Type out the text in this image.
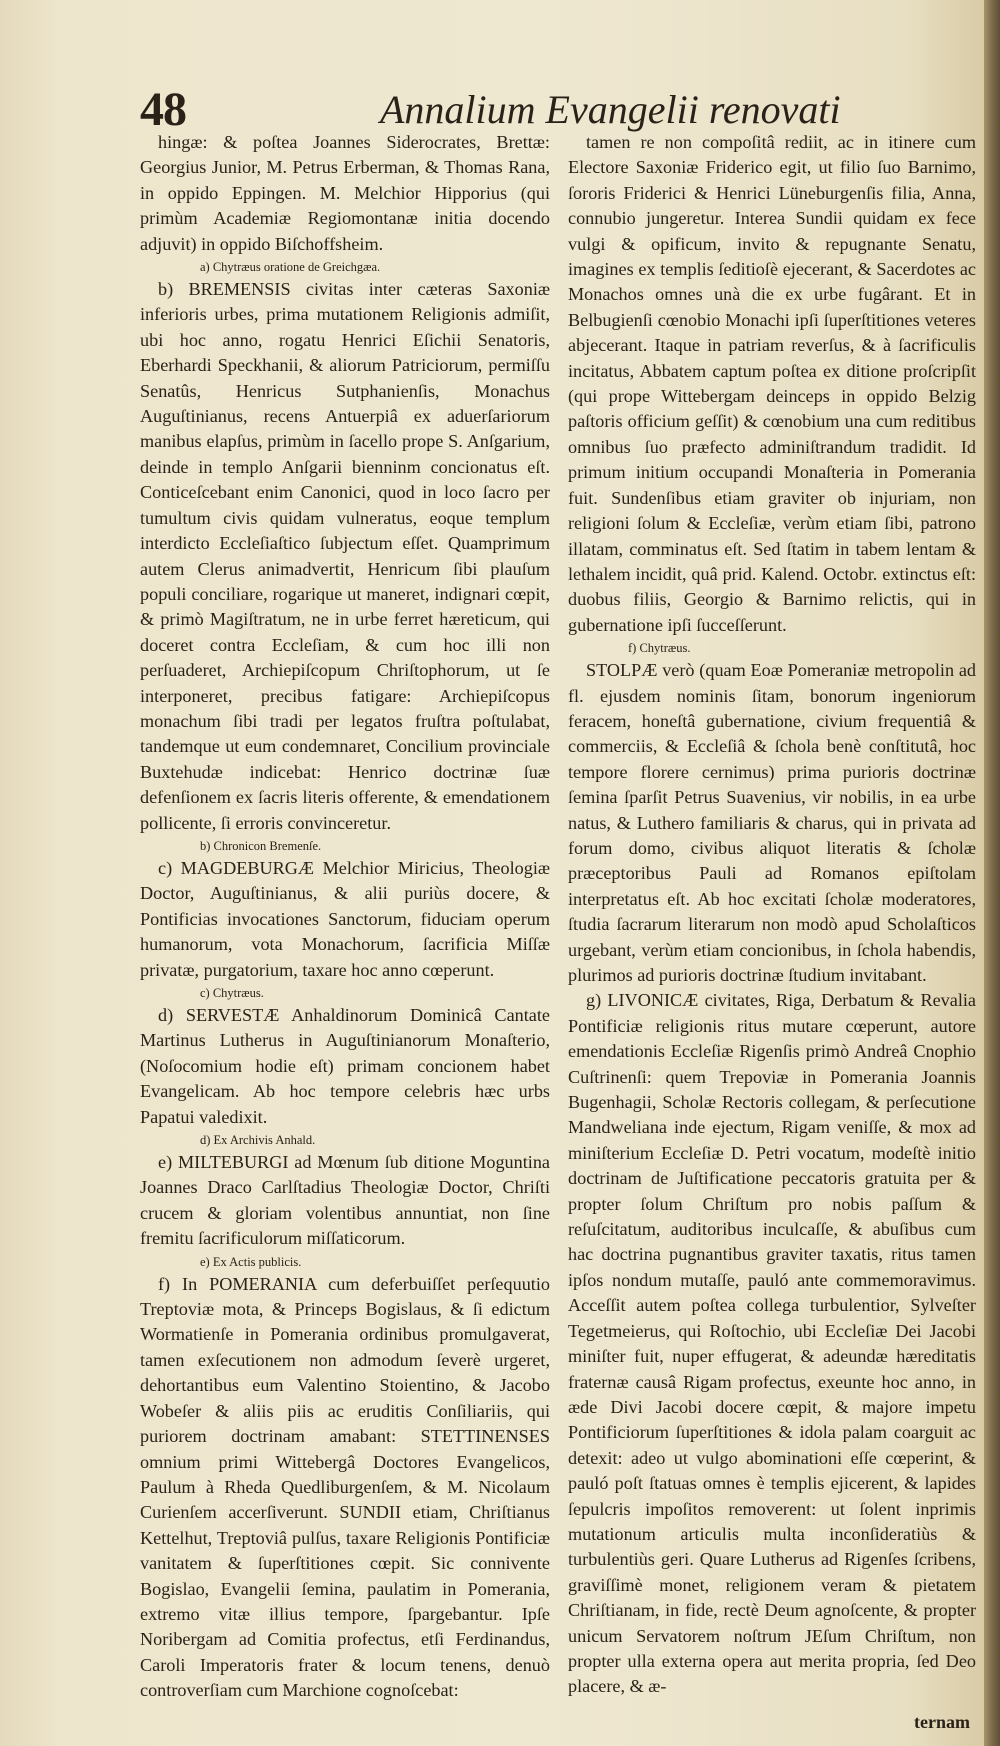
48	Annalium Evangelii renovati

hingæ: & poſtea Joannes Siderocrates, Brettæ: Georgius Junior, M. Petrus Erberman, & Thomas Rana, in oppido Eppingen. M. Melchior Hipporius (qui primùm Academiæ Regiomontanæ initia docendo adjuvit) in oppido Biſchoffsheim.

a) Chytræus oratione de Greichgæa.

b) BREMENSIS civitas inter cæteras Saxoniæ inferioris urbes, prima mutationem Religionis admiſit, ubi hoc anno, rogatu Henrici Eſichii Senatoris, Eberhardi Speckhanii, & aliorum Patriciorum, permiſſu Senatûs, Henricus Sutphanienſis, Monachus Auguſtinianus, recens Antuerpiâ ex aduerſariorum manibus elapſus, primùm in ſacello prope S. Anſgarium, deinde in templo Anſgarii bienninm concionatus eſt. Conticeſcebant enim Canonici, quod in loco ſacro per tumultum civis quidam vulneratus, eoque templum interdicto Eccleſiaſtico ſubjectum eſſet. Quamprimum autem Clerus animadvertit, Henricum ſibi plauſum populi conciliare, rogarique ut maneret, indignari cœpit, & primò Magiſtratum, ne in urbe ferret hæreticum, qui doceret contra Eccleſiam, & cum hoc illi non perſuaderet, Archiepiſcopum Chriſtophorum, ut ſe interponeret, precibus fatigare: Archiepiſcopus monachum ſibi tradi per legatos fruſtra poſtulabat, tandemque ut eum condemnaret, Concilium provinciale Buxtehudæ indicebat: Henrico doctrinæ ſuæ defenſionem ex ſacris literis offerente, & emendationem pollicente, ſi erroris convinceretur.

b) Chronicon Bremenſe.

c) MAGDEBURGÆ Melchior Miricius, Theologiæ Doctor, Auguſtinianus, & alii puriùs docere, & Pontificias invocationes Sanctorum, fiduciam operum humanorum, vota Monachorum, ſacrificia Miſſæ privatæ, purgatorium, taxare hoc anno cœperunt.

c) Chytræus.

d) SERVESTÆ Anhaldinorum Dominicâ Cantate Martinus Lutherus in Auguſtinianorum Monaſterio, (Noſocomium hodie eſt) primam concionem habet Evangelicam. Ab hoc tempore celebris hæc urbs Papatui valedixit.

d) Ex Archivis Anhald.

e) MILTEBURGI ad Mœnum ſub ditione Moguntina Joannes Draco Carlſtadius Theologiæ Doctor, Chriſti crucem & gloriam volentibus annuntiat, non ſine fremitu ſacrificulorum miſſaticorum.

e) Ex Actis publicis.

f) In POMERANIA cum deferbuiſſet perſequutio Treptoviæ mota, & Princeps Bogislaus, & ſi edictum Wormatienſe in Pomerania ordinibus promulgaverat, tamen exſecutionem non admodum ſeverè urgeret, dehortantibus eum Valentino Stoientino, & Jacobo Wobeſer & aliis piis ac eruditis Conſiliariis, qui puriorem doctrinam amabant: STETTINENSES omnium primi Wittebergâ Doctores Evangelicos, Paulum à Rheda Quedliburgenſem, & M. Nicolaum Curienſem accerſiverunt. SUNDII etiam, Chriſtianus Kettelhut, Treptoviâ pulſus, taxare Religionis Pontificiæ vanitatem & ſuperſtitiones cœpit. Sic connivente Bogislao, Evangelii ſemina, paulatim in Pomerania, extremo vitæ illius tempore, ſpargebantur. Ipſe Noribergam ad Comitia profectus, etſi Ferdinandus, Caroli Imperatoris frater & locum tenens, denuò controverſiam cum Marchione cognoſcebat:

tamen re non compoſitâ rediit, ac in itinere cum Electore Saxoniæ Friderico egit, ut filio ſuo Barnimo, ſororis Friderici & Henrici Lüneburgenſis filia, Anna, connubio jungeretur. Interea Sundii quidam ex fece vulgi & opificum, invito & repugnante Senatu, imagines ex templis ſeditioſè ejecerant, & Sacerdotes ac Monachos omnes unà die ex urbe fugârant. Et in Belbugienſi cœnobio Monachi ipſi ſuperſtitiones veteres abjecerant. Itaque in patriam reverſus, & à ſacrificulis incitatus, Abbatem captum poſtea ex ditione proſcripſit (qui prope Wittebergam deinceps in oppido Belzig paſtoris officium geſſit) & cœnobium una cum reditibus omnibus ſuo præfecto adminiſtrandum tradidit. Id primum initium occupandi Monaſteria in Pomerania fuit. Sundenſibus etiam graviter ob injuriam, non religioni ſolum & Eccleſiæ, verùm etiam ſibi, patrono illatam, comminatus eſt. Sed ſtatim in tabem lentam & lethalem incidit, quâ prid. Kalend. Octobr. extinctus eſt: duobus filiis, Georgio & Barnimo relictis, qui in gubernatione ipſi ſucceſſerunt.

f) Chytræus.

STOLPÆ verò (quam Eoæ Pomeraniæ metropolin ad fl. ejusdem nominis ſitam, bonorum ingeniorum feracem, honeſtâ gubernatione, civium frequentiâ & commerciis, & Eccleſiâ & ſchola benè conſtitutâ, hoc tempore florere cernimus) prima purioris doctrinæ ſemina ſparſit Petrus Suavenius, vir nobilis, in ea urbe natus, & Luthero familiaris & charus, qui in privata ad forum domo, civibus aliquot literatis & ſcholæ præceptoribus Pauli ad Romanos epiſtolam interpretatus eſt. Ab hoc excitati ſcholæ moderatores, ſtudia ſacrarum literarum non modò apud Scholaſticos urgebant, verùm etiam concionibus, in ſchola habendis, plurimos ad purioris doctrinæ ſtudium invitabant.

g) LIVONICÆ civitates, Riga, Derbatum & Revalia Pontificiæ religionis ritus mutare cœperunt, autore emendationis Eccleſiæ Rigenſis primò Andreâ Cnophio Cuſtrinenſi: quem Trepoviæ in Pomerania Joannis Bugenhagii, Scholæ Rectoris collegam, & perſecutione Mandweliana inde ejectum, Rigam veniſſe, & mox ad miniſterium Eccleſiæ D. Petri vocatum, modeſtè initio doctrinam de Juſtificatione peccatoris gratuita per & propter ſolum Chriſtum pro nobis paſſum & reſuſcitatum, auditoribus inculcaſſe, & abuſibus cum hac doctrina pugnantibus graviter taxatis, ritus tamen ipſos nondum mutaſſe, pauló ante commemoravimus. Acceſſit autem poſtea collega turbulentior, Sylveſter Tegetmeierus, qui Roſtochio, ubi Eccleſiæ Dei Jacobi miniſter fuit, nuper effugerat, & adeundæ hæreditatis fraternæ causâ Rigam profectus, exeunte hoc anno, in æde Divi Jacobi docere cœpit, & majore impetu Pontificiorum ſuperſtitiones & idola palam coarguit ac detexit: adeo ut vulgo abominationi eſſe cœperint, & pauló poſt ſtatuas omnes è templis ejicerent, & lapides ſepulcris impoſitos removerent: ut ſolent inprimis mutationum articulis multa inconſideratiùs & turbulentiùs geri. Quare Lutherus ad Rigenſes ſcribens, graviſſimè monet, religionem veram & pietatem Chriſtianam, in fide, rectè Deum agnoſcente, & propter unicum Servatorem noſtrum JEſum Chriſtum, non propter ulla externa opera aut merita propria, ſed Deo placere, & æ-

ternam
